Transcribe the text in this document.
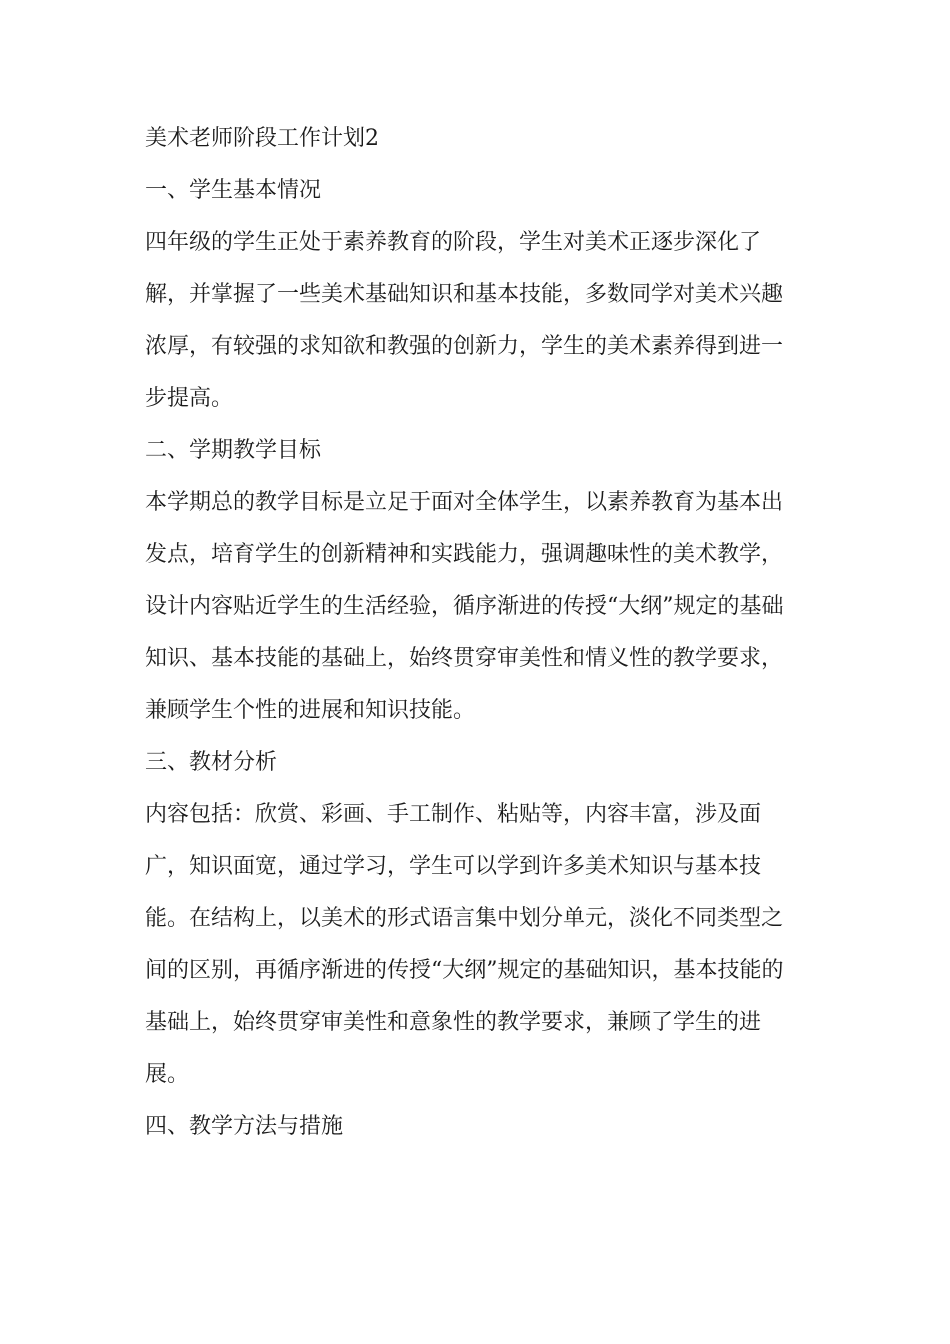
美术老师阶段工作计划2

一、学生基本情况

四年级的学生正处于素养教育的阶段，学生对美术正逐步深化了
解，并掌握了一些美术基础知识和基本技能，多数同学对美术兴趣
浓厚，有较强的求知欲和教强的创新力，学生的美术素养得到进一
步提高。

二、学期教学目标

本学期总的教学目标是立足于面对全体学生，以素养教育为基本出
发点，培育学生的创新精神和实践能力，强调趣味性的美术教学，
设计内容贴近学生的生活经验，循序渐进的传授“大纲”规定的基础
知识、基本技能的基础上，始终贯穿审美性和情义性的教学要求，
兼顾学生个性的进展和知识技能。

三、教材分析

内容包括：欣赏、彩画、手工制作、粘贴等，内容丰富，涉及面
广，知识面宽，通过学习，学生可以学到许多美术知识与基本技
能。在结构上，以美术的形式语言集中划分单元，淡化不同类型之
间的区别，再循序渐进的传授“大纲”规定的基础知识，基本技能的
基础上，始终贯穿审美性和意象性的教学要求，兼顾了学生的进
展。

四、教学方法与措施
